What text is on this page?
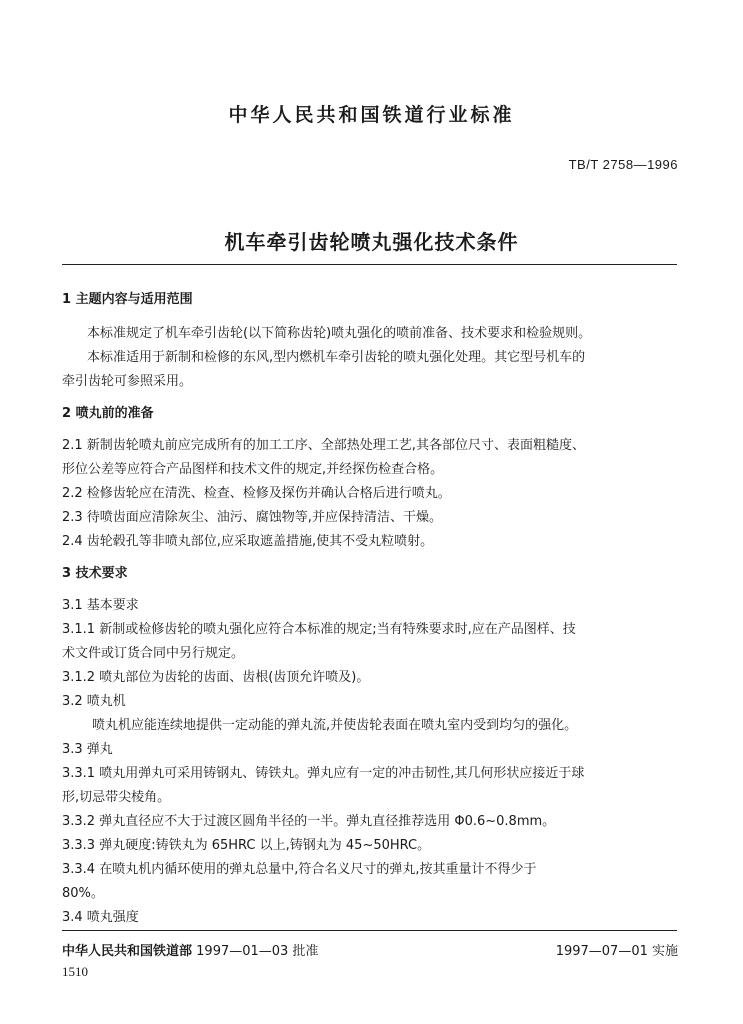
中华人民共和国铁道行业标准
TB/T 2758—1996
机车牵引齿轮喷丸强化技术条件
1 主题内容与适用范围
本标准规定了机车牵引齿轮(以下简称齿轮)喷丸强化的喷前准备、技术要求和检验规则。
本标准适用于新制和检修的东风,型内燃机车牵引齿轮的喷丸强化处理。其它型号机车的
牵引齿轮可参照采用。
2 喷丸前的准备
2.1 新制齿轮喷丸前应完成所有的加工工序、全部热处理工艺,其各部位尺寸、表面粗糙度、
形位公差等应符合产品图样和技术文件的规定,并经探伤检查合格。
2.2 检修齿轮应在清洗、检查、检修及探伤并确认合格后进行喷丸。
2.3 待喷齿面应清除灰尘、油污、腐蚀物等,并应保持清洁、干燥。
2.4 齿轮毂孔等非喷丸部位,应采取遮盖措施,使其不受丸粒喷射。
3 技术要求
3.1 基本要求
3.1.1 新制或检修齿轮的喷丸强化应符合本标准的规定;当有特殊要求时,应在产品图样、技
术文件或订货合同中另行规定。
3.1.2 喷丸部位为齿轮的齿面、齿根(齿顶允许喷及)。
3.2 喷丸机
喷丸机应能连续地提供一定动能的弹丸流,并使齿轮表面在喷丸室内受到均匀的强化。
3.3 弹丸
3.3.1 喷丸用弹丸可采用铸钢丸、铸铁丸。弹丸应有一定的冲击韧性,其几何形状应接近于球
形,切忌带尖棱角。
3.3.2 弹丸直径应不大于过渡区圆角半径的一半。弹丸直径推荐选用 Φ0.6~0.8mm。
3.3.3 弹丸硬度:铸铁丸为 65HRC 以上,铸钢丸为 45~50HRC。
3.3.4 在喷丸机内循环使用的弹丸总量中,符合名义尺寸的弹丸,按其重量计不得少于
80%。
3.4 喷丸强度
中华人民共和国铁道部 1997—01—03 批准	1997—07—01 实施
1510
